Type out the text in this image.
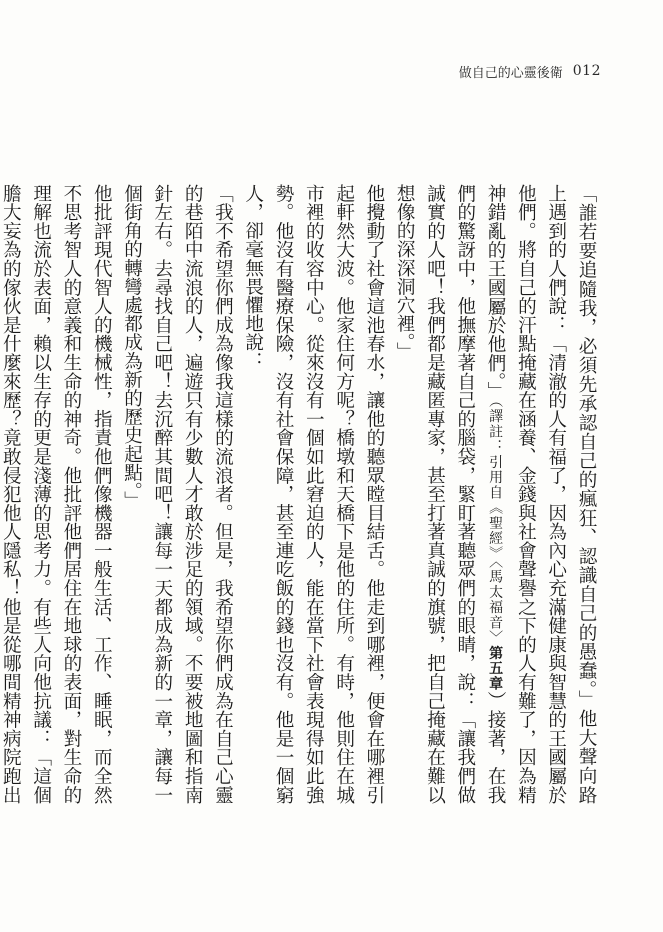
做自己的心靈後衛 012

「誰若要追隨我，必須先承認自己的瘋狂、認識自己的愚蠢。」他大聲向路上遇到的人們說：「清澈的人有福了，因為內心充滿健康與智慧的王國屬於他們。將自己的汗點掩藏在涵養、金錢與社會聲譽之下的人有難了，因為精神錯亂的王國屬於他們。」（譯註：引用自《聖經》〈馬太福音〉第五章）接著，在我們的驚訝中，他撫摩著自己的腦袋，緊盯著聽眾們的眼睛，說：「讓我們做誠實的人吧！我們都是藏匿專家，甚至打著真誠的旗號，把自己掩藏在難以想像的深深洞穴裡。」

他攪動了社會這池春水，讓他的聽眾瞠目結舌。他走到哪裡，便會在哪裡引起軒然大波。他家住何方呢？橋墩和天橋下是他的住所。有時，他則住在城市裡的收容中心。從來沒有一個如此窘迫的人，能在當下社會表現得如此強勢。他沒有醫療保險，沒有社會保障，甚至連吃飯的錢也沒有。他是一個窮人，卻毫無畏懼地說：

「我不希望你們成為像我這樣的流浪者。但是，我希望你們成為在自己心靈的巷陌中流浪的人，遍遊只有少數人才敢於涉足的領域。不要被地圖和指南針左右。去尋找自己吧！去沉醉其間吧！讓每一天都成為新的一章，讓每一個街角的轉彎處都成為新的歷史起點。」

他批評現代智人的機械性，指責他們像機器一般生活、工作、睡眠，而全然不思考智人的意義和生命的神奇。他批評他們居住在地球的表面，對生命的理解也流於表面，賴以生存的更是淺薄的思考力。有些人向他抗議：「這個膽大妄為的傢伙是什麼來歷？竟敢侵犯他人隱私！他是從哪間精神病院跑出
